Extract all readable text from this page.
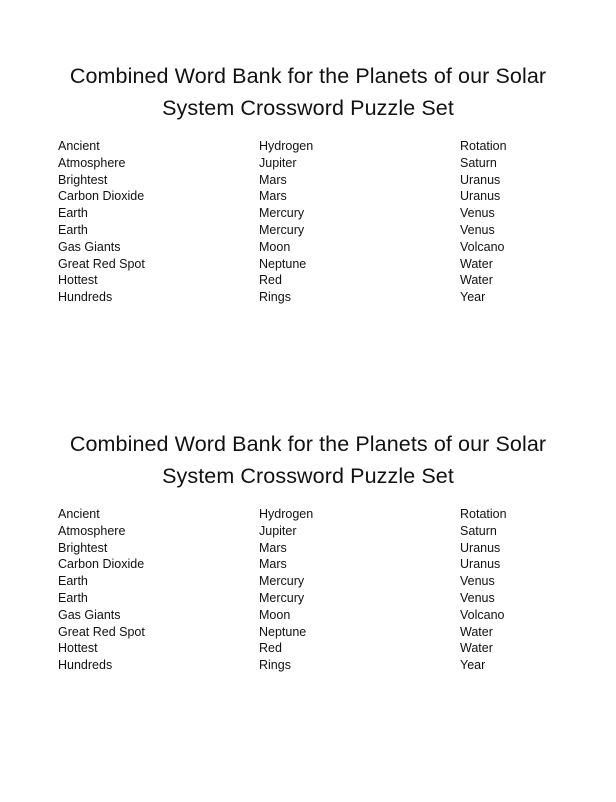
Combined Word Bank for the Planets of our Solar
System Crossword Puzzle Set
Ancient
Atmosphere
Brightest
Carbon Dioxide
Earth
Earth
Gas Giants
Great Red Spot
Hottest
Hundreds
Hydrogen
Jupiter
Mars
Mars
Mercury
Mercury
Moon
Neptune
Red
Rings
Rotation
Saturn
Uranus
Uranus
Venus
Venus
Volcano
Water
Water
Year
Combined Word Bank for the Planets of our Solar
System Crossword Puzzle Set
Ancient
Atmosphere
Brightest
Carbon Dioxide
Earth
Earth
Gas Giants
Great Red Spot
Hottest
Hundreds
Hydrogen
Jupiter
Mars
Mars
Mercury
Mercury
Moon
Neptune
Red
Rings
Rotation
Saturn
Uranus
Uranus
Venus
Venus
Volcano
Water
Water
Year
